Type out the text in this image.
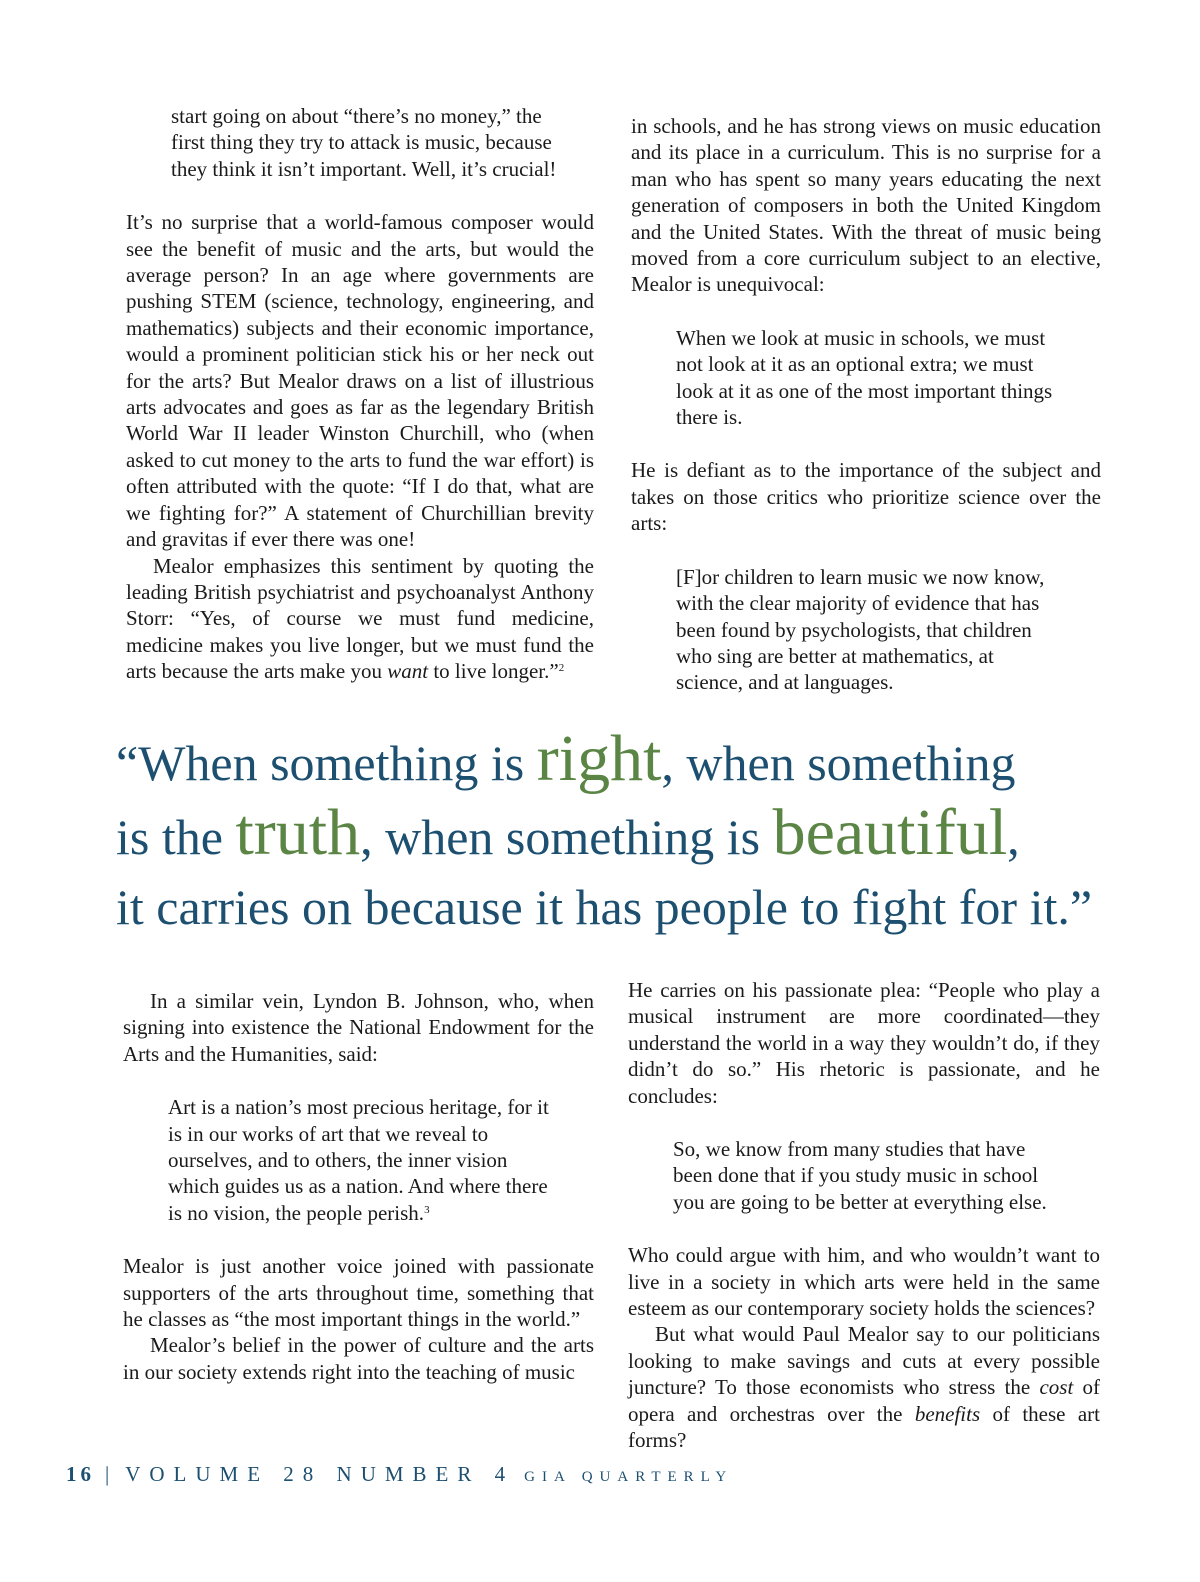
start going on about “there’s no money,” the
first thing they try to attack is music, because
they think it isn’t important. Well, it’s crucial!

It’s no surprise that a world-famous composer would see the benefit of music and the arts, but would the average person? In an age where governments are pushing STEM (science, technology, engineering, and mathematics) subjects and their economic importance, would a prominent politician stick his or her neck out for the arts? But Mealor draws on a list of illustrious arts advocates and goes as far as the legendary British World War II leader Winston Churchill, who (when asked to cut money to the arts to fund the war effort) is often attributed with the quote: “If I do that, what are we fighting for?” A statement of Churchillian brevity and gravitas if ever there was one!

Mealor emphasizes this sentiment by quoting the leading British psychiatrist and psychoanalyst Anthony Storr: “Yes, of course we must fund medicine, medicine makes you live longer, but we must fund the arts because the arts make you want to live longer.”$^2$

in schools, and he has strong views on music education and its place in a curriculum. This is no surprise for a man who has spent so many years educating the next generation of composers in both the United Kingdom and the United States. With the threat of music being moved from a core curriculum subject to an elective, Mealor is unequivocal:

When we look at music in schools, we must not look at it as an optional extra; we must look at it as one of the most important things there is.

He is defiant as to the importance of the subject and takes on those critics who prioritize science over the arts:

[F]or children to learn music we now know, with the clear majority of evidence that has been found by psychologists, that children who sing are better at mathematics, at science, and at languages.

“When something is right, when something
is the truth, when something is beautiful,
it carries on because it has people to fight for it.”

In a similar vein, Lyndon B. Johnson, who, when signing into existence the National Endowment for the Arts and the Humanities, said:

Art is a nation’s most precious heritage, for it is in our works of art that we reveal to ourselves, and to others, the inner vision which guides us as a nation. And where there is no vision, the people perish.$^3$

Mealor is just another voice joined with passionate supporters of the arts throughout time, something that he classes as “the most important things in the world.”

Mealor’s belief in the power of culture and the arts in our society extends right into the teaching of music

He carries on his passionate plea: “People who play a musical instrument are more coordinated—they understand the world in a way they wouldn’t do, if they didn’t do so.” His rhetoric is passionate, and he concludes:

So, we know from many studies that have been done that if you study music in school you are going to be better at everything else.

Who could argue with him, and who wouldn’t want to live in a society in which arts were held in the same esteem as our contemporary society holds the sciences?

But what would Paul Mealor say to our politicians looking to make savings and cuts at every possible juncture? To those economists who stress the cost of opera and orchestras over the benefits of these art forms?

16 | VOLUME 28 NUMBER 4 GIA QUARTERLY
